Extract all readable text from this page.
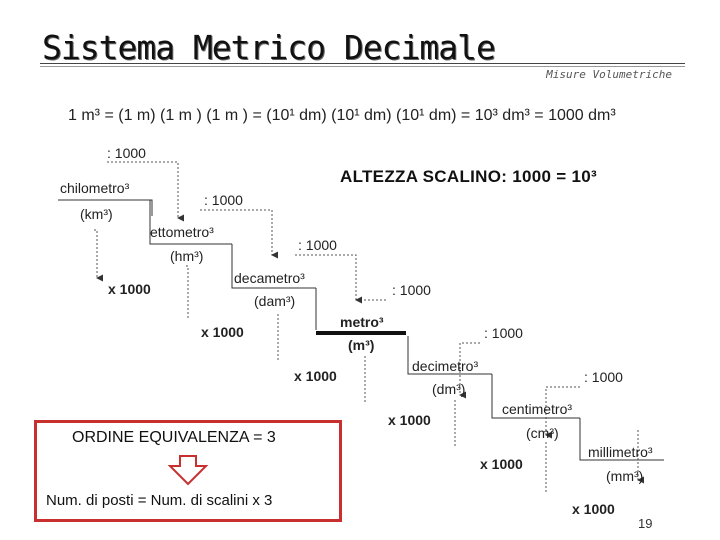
Sistema Metrico Decimale
Misure Volumetriche
1 m³ = (1 m) (1 m ) (1 m ) = (10¹ dm) (10¹ dm) (10¹ dm) = 10³ dm³ = 1000 dm³
ALTEZZA SCALINO: 1000 = 10³
chilometro³
(km³)
ettometro³
(hm³)
decametro³
(dam³)
metro³
(m³)
decimetro³
(dm³)
centimetro³
(cm³)
millimetro³
(mm³)
: 1000
: 1000
: 1000
: 1000
: 1000
: 1000
x 1000
x 1000
x 1000
x 1000
x 1000
x 1000
ORDINE EQUIVALENZA = 3
Num. di posti = Num. di scalini x 3
19
